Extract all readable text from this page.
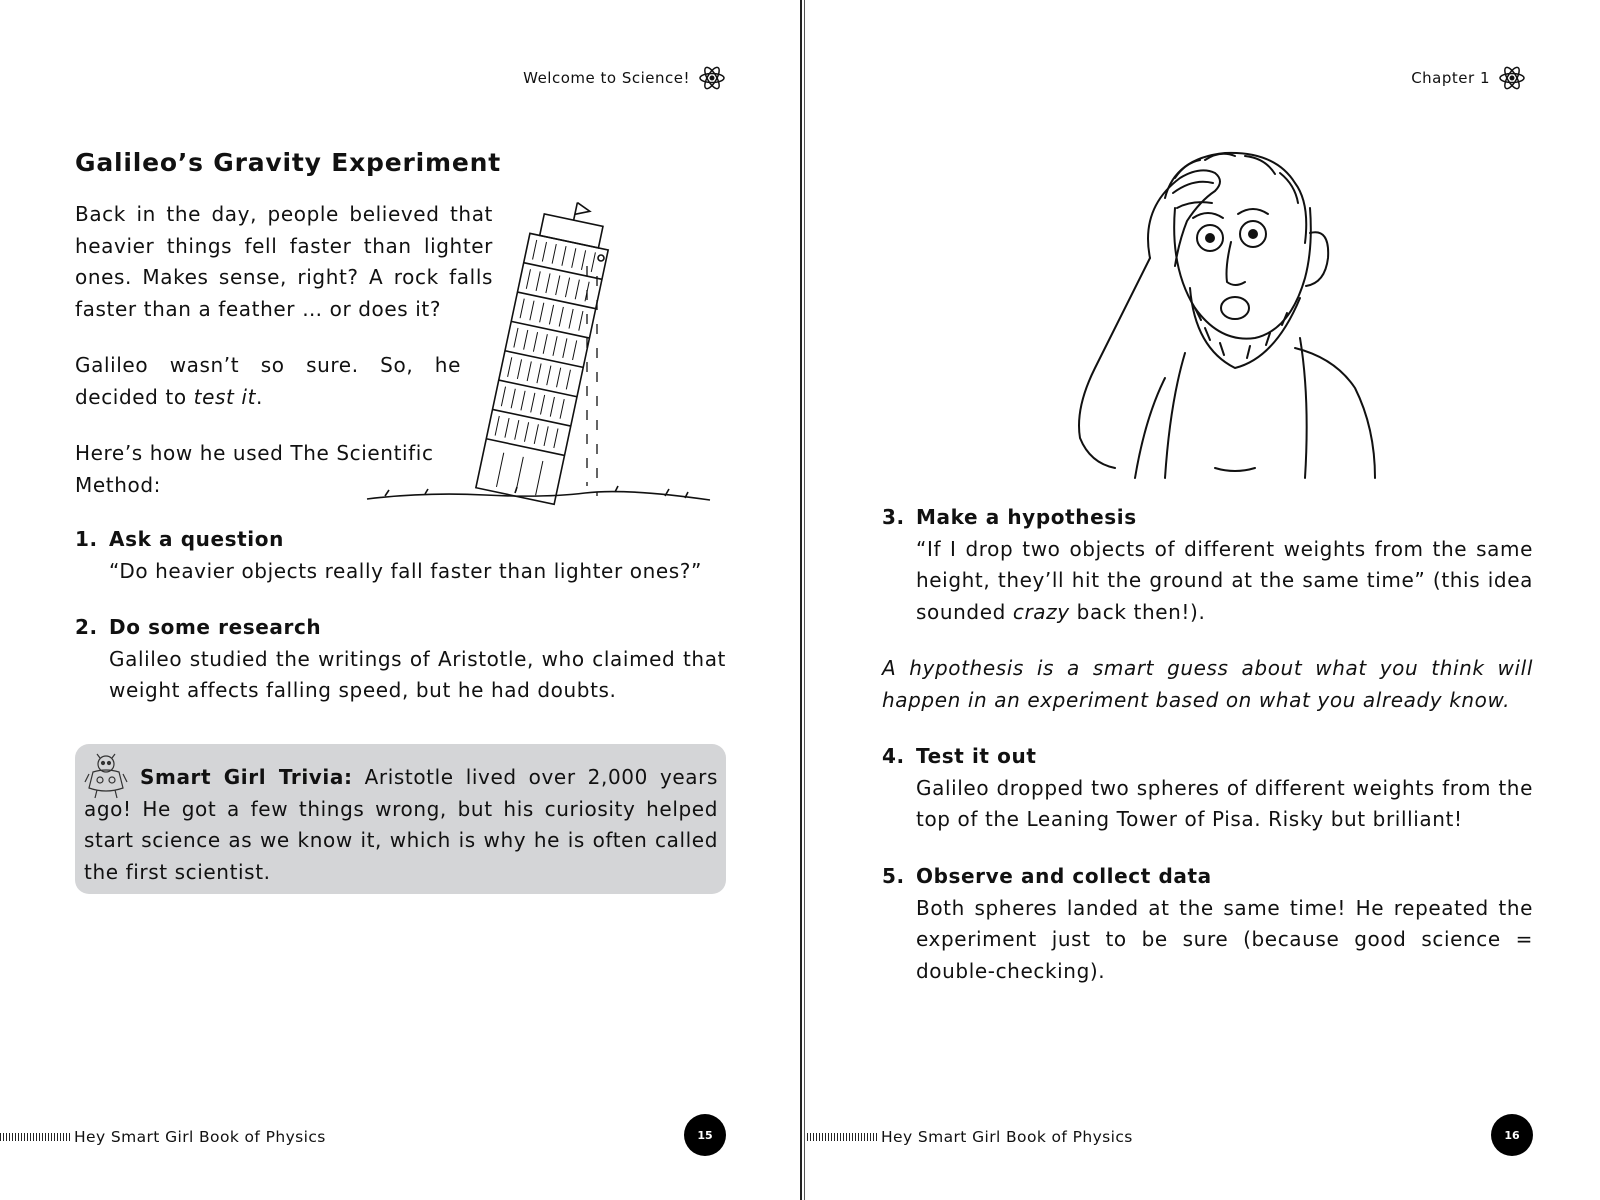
Welcome to Science!
Galileo’s Gravity Experiment

Back in the day, people believed that heavier things fell faster than lighter ones. Makes sense, right? A rock falls faster than a feather … or does it?

Galileo wasn’t so sure. So, he decided to test it.

Here’s how he used The Scientific Method:

1. Ask a question
“Do heavier objects really fall faster than lighter ones?”
2. Do some research
Galileo studied the writings of Aristotle, who claimed that weight affects falling speed, but he had doubts.

Smart Girl Trivia: Aristotle lived over 2,000 years ago! He got a few things wrong, but his curiosity helped start science as we know it, which is why he is often called the first scientist.

Hey Smart Girl Book of Physics	15
Chapter 1
3. Make a hypothesis
“If I drop two objects of different weights from the same height, they’ll hit the ground at the same time” (this idea sounded crazy back then!).

A hypothesis is a smart guess about what you think will happen in an experiment based on what you already know.

4. Test it out
Galileo dropped two spheres of different weights from the top of the Leaning Tower of Pisa. Risky but brilliant!
5. Observe and collect data
Both spheres landed at the same time! He repeated the experiment just to be sure (because good science = double-checking).
Hey Smart Girl Book of Physics	16
